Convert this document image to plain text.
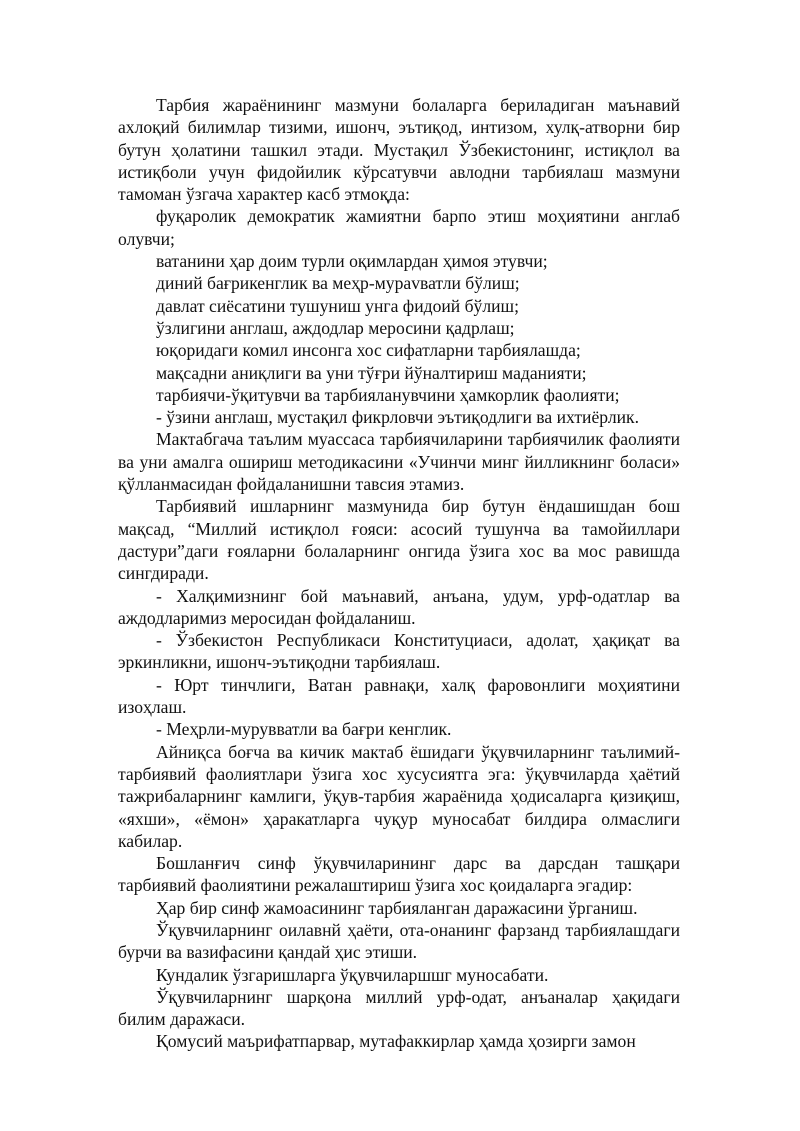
Тарбия жараёнининг мазмуни болаларга бериладиган маънавий ахлоқий билимлар тизими, ишонч, эътиқод, интизом, хулқ-атворни бир бутун ҳолатини ташкил этади. Мустақил Ўзбекистонинг, истиқлол ва истиқболи учун фидойилик кўрсатувчи авлодни тарбиялаш мазмуни тамоман ўзгача характер касб этмоқда:

фуқаролик демократик жамиятни барпо этиш моҳиятини англаб олувчи;

ватанини ҳар доим турли оқимлардан ҳимоя этувчи;

диний бағрикенглик ва меҳр-мурavватли бўлиш;

давлат сиёсатини тушуниш унга фидоий бўлиш;

ўзлигини англаш, аждодлар меросини қадрлаш;

юқоридаги комил инсонга хос сифатларни тарбиялашда;

мақсадни аниқлиги ва уни тўғри йўналтириш маданияти;

тарбиячи-ўқитувчи ва тарбияланувчини ҳамкорлик фаолияти;

- ўзини англаш, мустақил фикрловчи эътиқодлиги ва ихтиёрлик.

Мактабгача таълим муассаса тарбиячиларини тарбиячилик фаолияти ва уни амалга ошириш методикасини «Учинчи минг йилликнинг боласи» қўлланмасидан фойдаланишни тавсия этамиз.

Тарбиявий ишларнинг мазмунида бир бутун ёндашишдан бош мақсад, “Миллий истиқлол ғояси: асосий тушунча ва тамойиллари дастури”даги ғояларни болаларнинг онгида ўзига хос ва мос равишда сингдиради.

- Халқимизнинг бой маънавий, анъана, удум, урф-одатлар ва аждодларимиз меросидан фойдаланиш.

- Ўзбекистон Республикаси Конституциаси, адолат, ҳақиқат ва эркинликни, ишонч-эътиқодни тарбиялаш.

- Юрт тинчлиги, Ватан равнақи, халқ фаровонлиги моҳиятини изоҳлаш.

- Меҳрли-мурувватли ва бағри кенглик.

Айниқса боғча ва кичик мактаб ёшидаги ўқувчиларнинг таълимий- тарбиявий фаолиятлари ўзига хос хусусиятга эга: ўқувчиларда ҳаётий тажрибаларнинг камлиги, ўқув-тарбия жараёнида ҳодисаларга қизиқиш, «яхши», «ёмон» ҳаракатларга чуқур муносабат билдира олмаслиги кабилар.

Бошланғич синф ўқувчиларининг дарс ва дарсдан ташқари тарбиявий фаолиятини режалаштириш ўзига хос қоидаларга эгадир:

Ҳар бир синф жамоасининг тарбияланган даражасини ўрганиш.

Ўқувчиларнинг оилавнй ҳаёти, ота-онанинг фарзанд тарбиялашдаги бурчи ва вазифасини қандай ҳис этиши.

Кундалик ўзгаришларга ўқувчиларшшг муносабати.

Ўқувчиларнинг шарқона миллий урф-одат, анъаналар ҳақидаги билим даражаси.

Қомусий маърифатпарвар, мутафаккирлар ҳамда ҳозирги замон
